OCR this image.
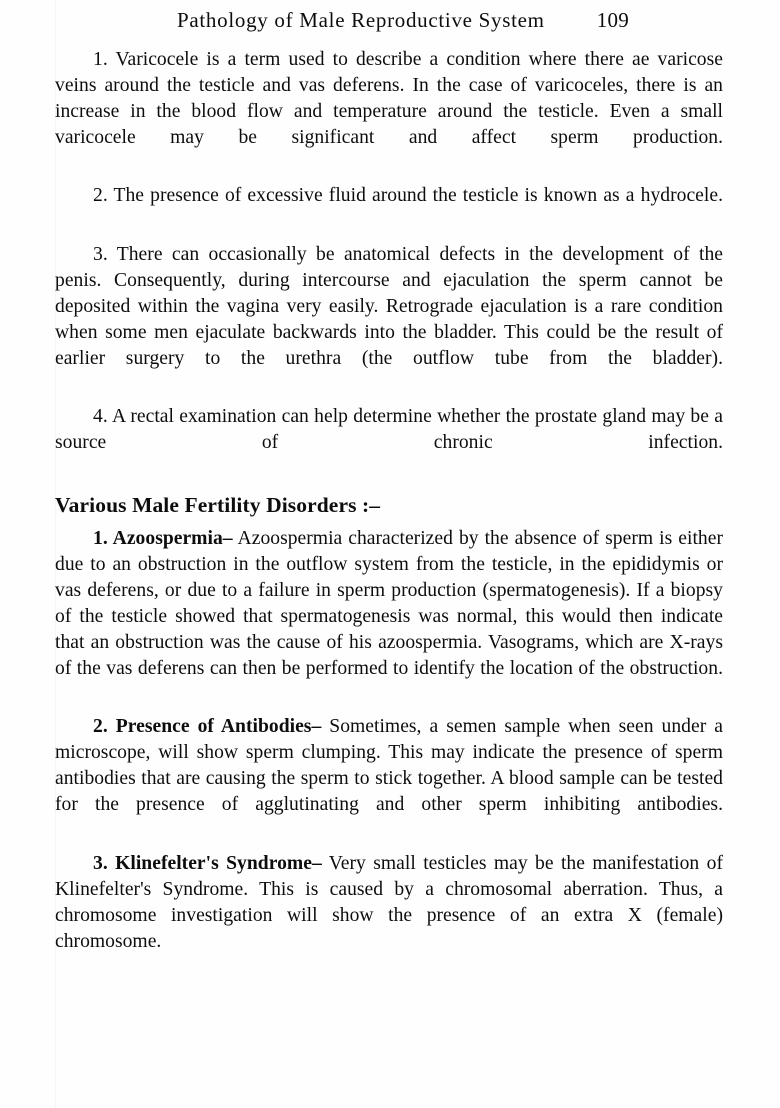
Pathology of Male Reproductive System 109

1. Varicocele is a term used to describe a condition where there ae varicose veins around the testicle and vas deferens. In the case of varicoceles, there is an increase in the blood flow and temperature around the testicle. Even a small varicocele may be significant and affect sperm production.

2. The presence of excessive fluid around the testicle is known as a hydrocele.

3. There can occasionally be anatomical defects in the development of the penis. Consequently, during intercourse and ejaculation the sperm cannot be deposited within the vagina very easily. Retrograde ejaculation is a rare condition when some men ejaculate backwards into the bladder. This could be the result of earlier surgery to the urethra (the outflow tube from the bladder).

4. A rectal examination can help determine whether the prostate gland may be a source of chronic infection.

Various Male Fertility Disorders :–

1. Azoospermia– Azoospermia characterized by the absence of sperm is either due to an obstruction in the outflow system from the testicle, in the epididymis or vas deferens, or due to a failure in sperm production (spermatogenesis). If a biopsy of the testicle showed that spermatogenesis was normal, this would then indicate that an obstruction was the cause of his azoospermia. Vasograms, which are X-rays of the vas deferens can then be performed to identify the location of the obstruction.

2. Presence of Antibodies– Sometimes, a semen sample when seen under a microscope, will show sperm clumping. This may indicate the presence of sperm antibodies that are causing the sperm to stick together. A blood sample can be tested for the presence of agglutinating and other sperm inhibiting antibodies.

3. Klinefelter's Syndrome– Very small testicles may be the manifestation of Klinefelter's Syndrome. This is caused by a chromosomal aberration. Thus, a chromosome investigation will show the presence of an extra X (female) chromosome.
